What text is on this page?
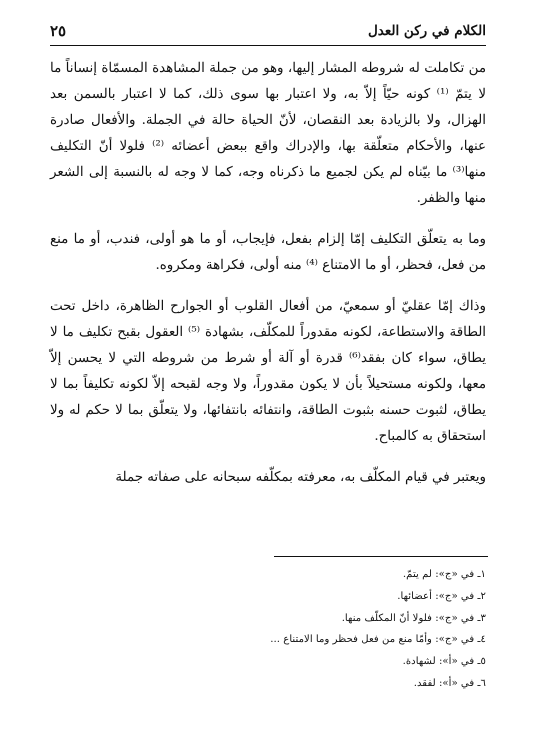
الكلام في ركن العدل
٢٥

من تكاملت له شروطه المشار إليها، وهو من جملة المشاهدة المسمّاة إنساناً ما لا يتمّ ⁽¹⁾ كونه حيّاً إلاّ به، ولا اعتبار بها سوى ذلك، كما لا اعتبار بالسمن بعد الهزال، ولا بالزيادة بعد النقصان، لأنّ الحياة حالة في الجملة. والأفعال صادرة عنها، والأحكام متعلّقة بها، والإدراك واقع ببعض أعضائه ⁽²⁾ فلولا أنّ التكليف منها⁽³⁾ ما بيّناه لم يكن لجميع ما ذكرناه وجه، كما لا وجه له بالنسبة إلى الشعر منها والظفر.

وما به يتعلّق التكليف إمّا إلزام بفعل، فإيجاب، أو ما هو أولى، فندب، أو ما منع من فعل، فحظر، أو ما الامتناع ⁽⁴⁾ منه أولى، فكراهة ومكروه.

وذاك إمّا عقليّ أو سمعيّ، من أفعال القلوب أو الجوارح الظاهرة، داخل تحت الطاقة والاستطاعة، لكونه مقدوراً للمكلّف، بشهادة ⁽⁵⁾ العقول بقبح تكليف ما لا يطاق، سواء كان بفقد⁽⁶⁾ قدرة أو آلة أو شرط من شروطه التي لا يحسن إلاّ معها، ولكونه مستحيلاً بأن لا يكون مقدوراً، ولا وجه لقبحه إلاّ لكونه تكليفاً بما لا يطاق، لثبوت حسنه بثبوت الطاقة، وانتفائه بانتفائها، ولا يتعلّق بما لا حكم له ولا استحقاق به كالمباح.

ويعتبر في قيام المكلّف به، معرفته بمكلّفه سبحانه على صفاته جملة

١ـ في «ج»: لم يتمّ.
٢ـ في «ج»: أعضائها.
٣ـ في «ج»: فلولا أنّ المكلّف منها.
٤ـ في «ج»: وأمّا منع من فعل فحظر وما الامتناع ...
٥ـ في «أ»: لشهادة.
٦ـ في «أ»: لفقد.
